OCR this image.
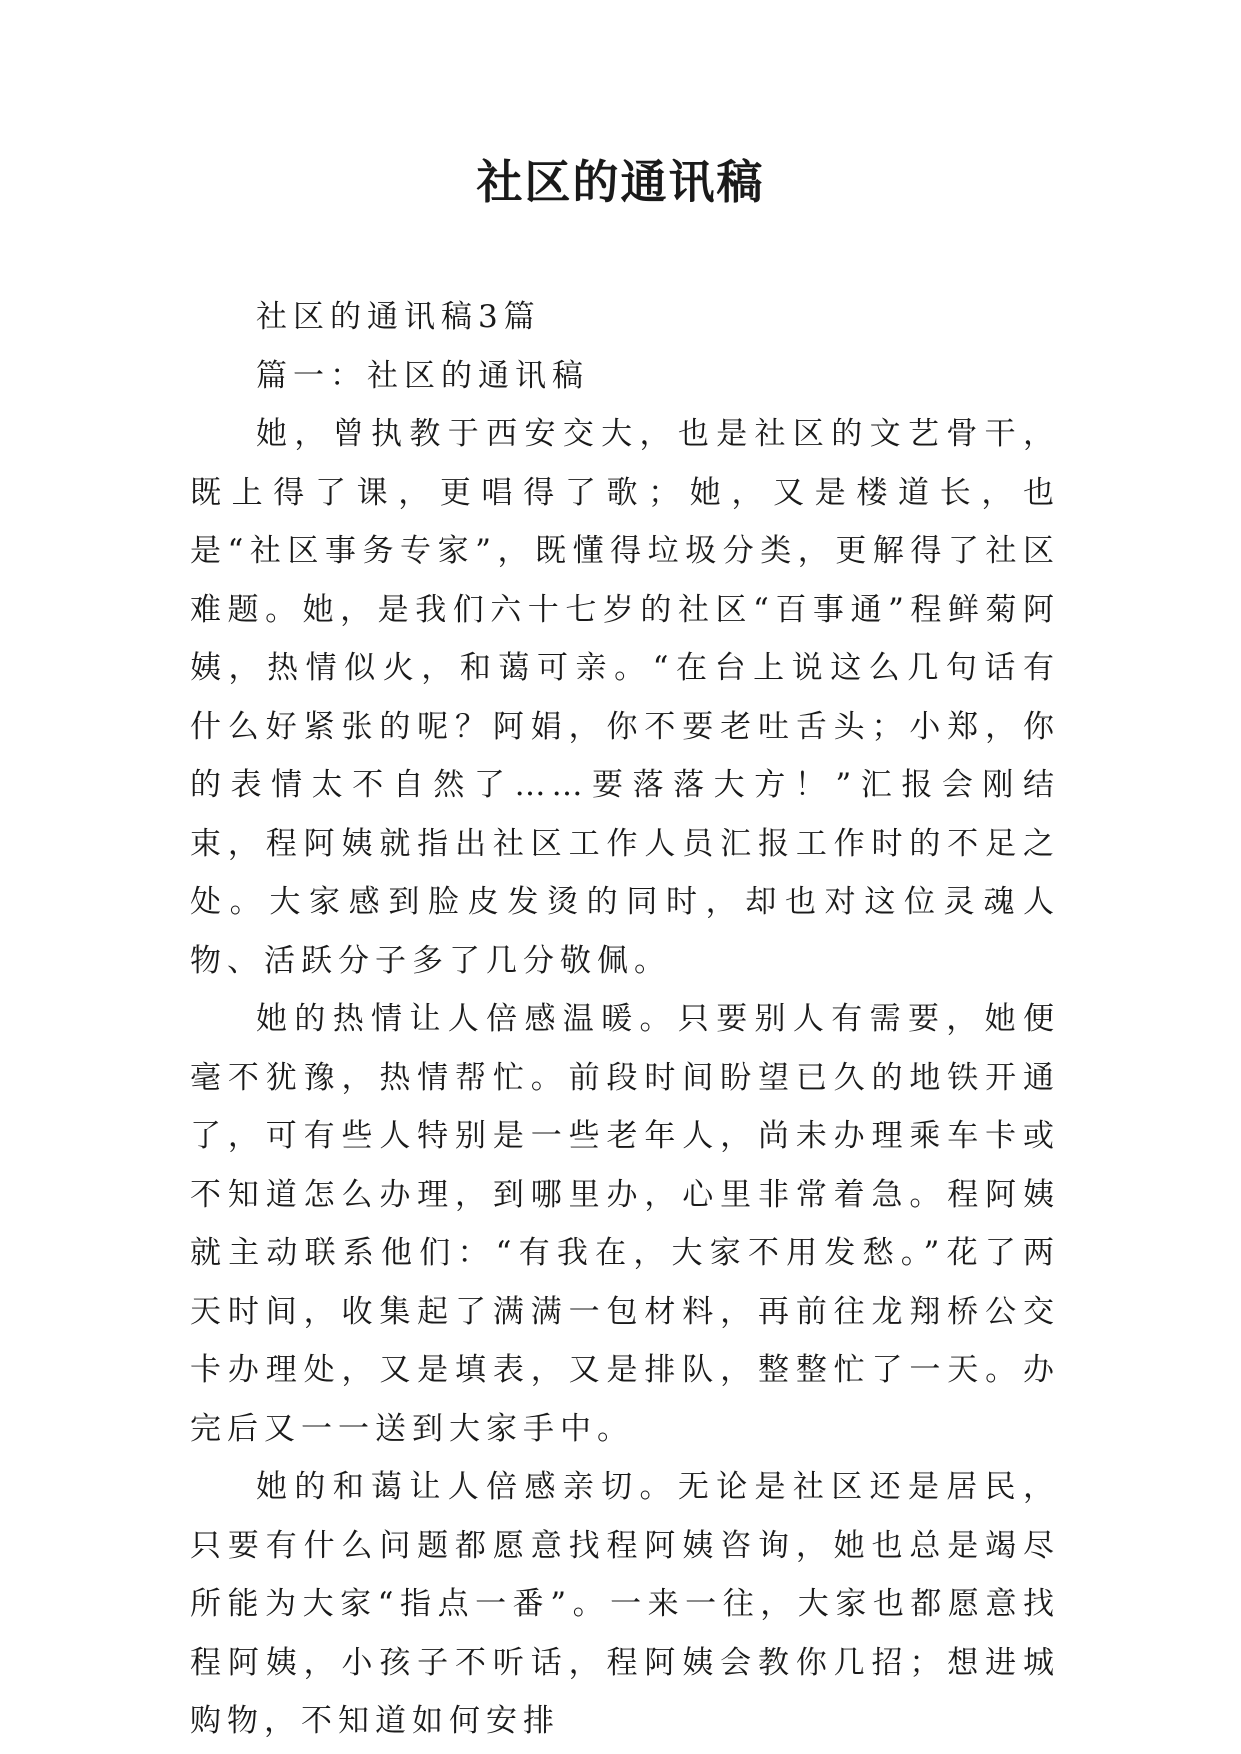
社区的通讯稿

社区的通讯稿3篇

篇一：社区的通讯稿

她，曾执教于西安交大，也是社区的文艺骨干，既上得了课，更唱得了歌；她，又是楼道长，也是“社区事务专家”，既懂得垃圾分类，更解得了社区难题。她，是我们六十七岁的社区“百事通”程鲜菊阿姨，热情似火，和蔼可亲。“在台上说这么几句话有什么好紧张的呢？阿娟，你不要老吐舌头；小郑，你的表情太不自然了……要落落大方！”汇报会刚结束，程阿姨就指出社区工作人员汇报工作时的不足之处。大家感到脸皮发烫的同时，却也对这位灵魂人物、活跃分子多了几分敬佩。

她的热情让人倍感温暖。只要别人有需要，她便毫不犹豫，热情帮忙。前段时间盼望已久的地铁开通了，可有些人特别是一些老年人，尚未办理乘车卡或不知道怎么办理，到哪里办，心里非常着急。程阿姨就主动联系他们：“有我在，大家不用发愁。”花了两天时间，收集起了满满一包材料，再前往龙翔桥公交卡办理处，又是填表，又是排队，整整忙了一天。办完后又一一送到大家手中。

她的和蔼让人倍感亲切。无论是社区还是居民，只要有什么问题都愿意找程阿姨咨询，她也总是竭尽所能为大家“指点一番”。一来一往，大家也都愿意找程阿姨，小孩子不听话，程阿姨会教你几招；想进城购物，不知道如何安排
